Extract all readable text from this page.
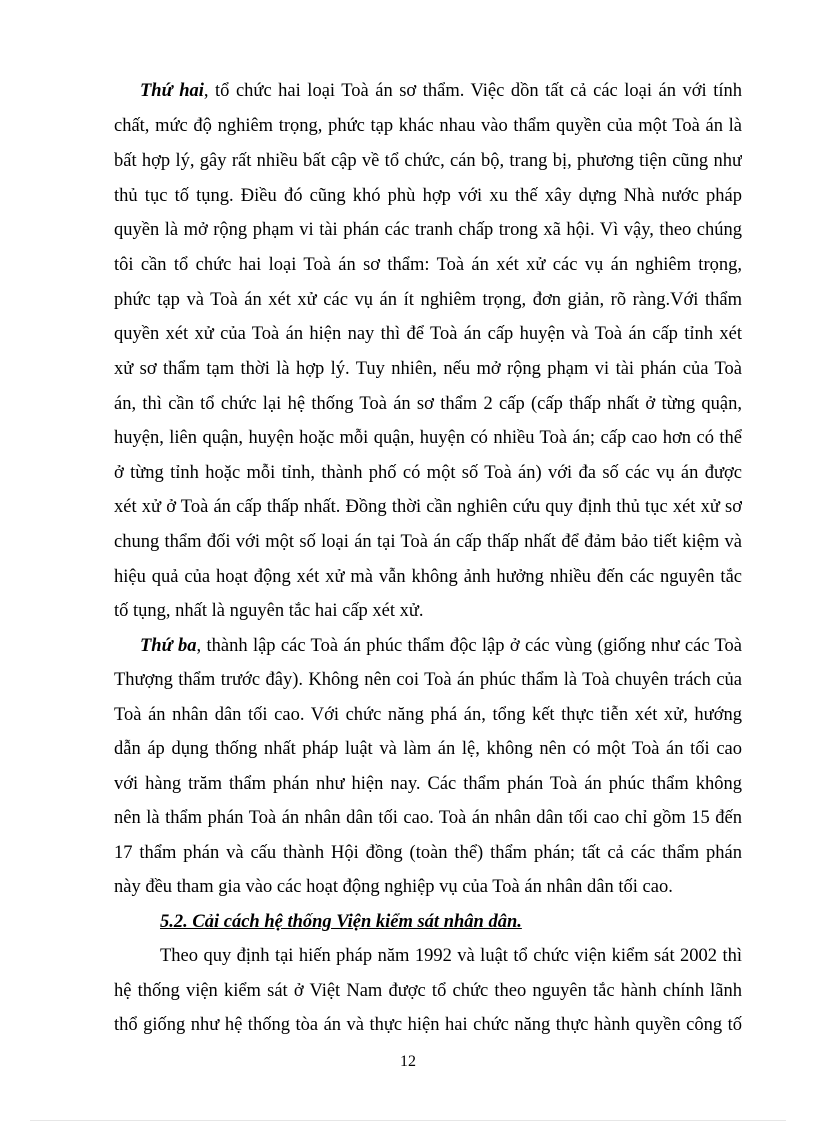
Thứ hai, tổ chức hai loại Toà án sơ thẩm. Việc dồn tất cả các loại án với tính
chất, mức độ nghiêm trọng, phức tạp khác nhau vào thẩm quyền của một Toà án là
bất hợp lý, gây rất nhiều bất cập về tổ chức, cán bộ, trang bị, phương tiện cũng như
thủ tục tố tụng. Điều đó cũng khó phù hợp với xu thế xây dựng Nhà nước pháp
quyền là mở rộng phạm vi tài phán các tranh chấp trong xã hội. Vì vậy, theo chúng
tôi cần tổ chức hai loại Toà án sơ thẩm: Toà án xét xử các vụ án nghiêm trọng,
phức tạp và Toà án xét xử các vụ án ít nghiêm trọng, đơn giản, rõ ràng.Với thẩm
quyền xét xử của Toà án hiện nay thì để Toà án cấp huyện và Toà án cấp tỉnh xét
xử sơ thẩm tạm thời là hợp lý. Tuy nhiên, nếu mở rộng phạm vi tài phán của Toà
án, thì cần tổ chức lại hệ thống Toà án sơ thẩm 2 cấp (cấp thấp nhất ở từng quận,
huyện, liên quận, huyện hoặc mỗi quận, huyện có nhiều Toà án; cấp cao hơn có thể
ở từng tỉnh hoặc mỗi tỉnh, thành phố có một số Toà án) với đa số các vụ án được
xét xử ở Toà án cấp thấp nhất. Đồng thời cần nghiên cứu quy định thủ tục xét xử sơ
chung thẩm đối với một số loại án tại Toà án cấp thấp nhất để đảm bảo tiết kiệm và
hiệu quả của hoạt động xét xử mà vẫn không ảnh hưởng nhiều đến các nguyên tắc
tố tụng, nhất là nguyên tắc hai cấp xét xử.
Thứ ba, thành lập các Toà án phúc thẩm độc lập ở các vùng (giống như các Toà
Thượng thẩm trước đây). Không nên coi Toà án phúc thẩm là Toà chuyên trách của
Toà án nhân dân tối cao. Với chức năng phá án, tổng kết thực tiễn xét xử, hướng
dẫn áp dụng thống nhất pháp luật và làm án lệ, không nên có một Toà án tối cao
với hàng trăm thẩm phán như hiện nay. Các thẩm phán Toà án phúc thẩm không
nên là thẩm phán Toà án nhân dân tối cao. Toà án nhân dân tối cao chỉ gồm 15 đến
17 thẩm phán và cấu thành Hội đồng (toàn thể) thẩm phán; tất cả các thẩm phán
này đều tham gia vào các hoạt động nghiệp vụ của Toà án nhân dân tối cao.
5.2. Cải cách hệ thống Viện kiểm sát nhân dân.
Theo quy định tại hiến pháp năm 1992 và luật tổ chức viện kiểm sát 2002 thì
hệ thống viện kiểm sát ở Việt Nam được tổ chức theo nguyên tắc hành chính lãnh
thổ giống như hệ thống tòa án và thực hiện hai chức năng thực hành quyền công tố
12
